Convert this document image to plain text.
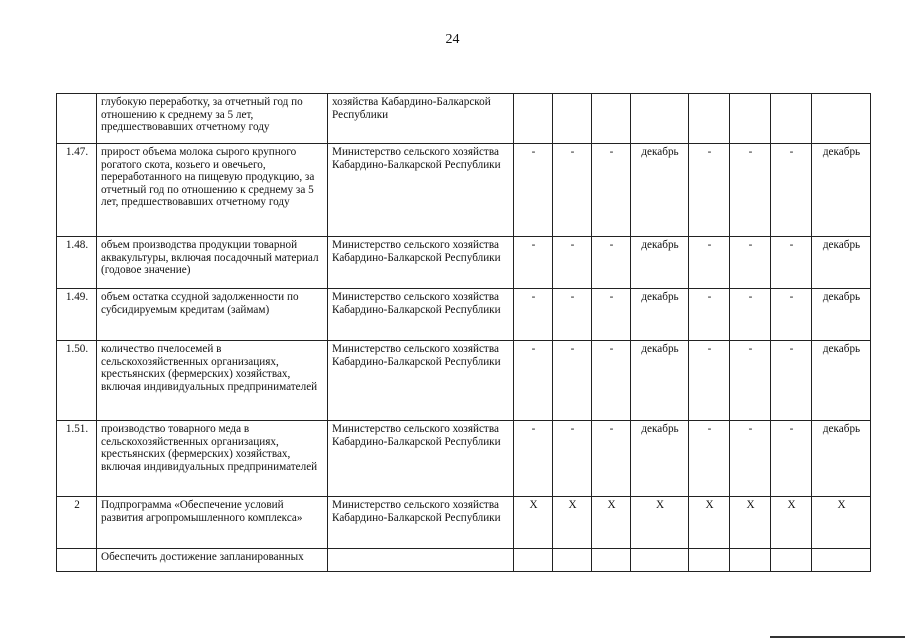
24
	глубокую переработку, за отчетный год по отношению к среднему за 5 лет, предшествовавших отчетному году	хозяйства Кабардино-Балкарской Республики								
1.47.	прирост объема молока сырого крупного рогатого скота, козьего и овечьего, переработанного на пищевую продукцию, за отчетный год по отношению к среднему за 5 лет, предшествовавших отчетному году	Министерство сельского хозяйства Кабардино-Балкарской Республики	-	-	-	декабрь	-	-	-	декабрь
1.48.	объем производства продукции товарной аквакультуры, включая посадочный материал (годовое значение)	Министерство сельского хозяйства Кабардино-Балкарской Республики	-	-	-	декабрь	-	-	-	декабрь
1.49.	объем остатка ссудной задолженности по субсидируемым кредитам (займам)	Министерство сельского хозяйства Кабардино-Балкарской Республики	-	-	-	декабрь	-	-	-	декабрь
1.50.	количество пчелосемей в сельскохозяйственных организациях, крестьянских (фермерских) хозяйствах, включая индивидуальных предпринимателей	Министерство сельского хозяйства Кабардино-Балкарской Республики	-	-	-	декабрь	-	-	-	декабрь
1.51.	производство товарного меда в сельскохозяйственных организациях, крестьянских (фермерских) хозяйствах, включая индивидуальных предпринимателей	Министерство сельского хозяйства Кабардино-Балкарской Республики	-	-	-	декабрь	-	-	-	декабрь
2	Подпрограмма «Обеспечение условий развития агропромышленного комплекса»	Министерство сельского хозяйства Кабардино-Балкарской Республики	X	X	X	X	X	X	X	X
	Обеспечить достижение запланированных									
